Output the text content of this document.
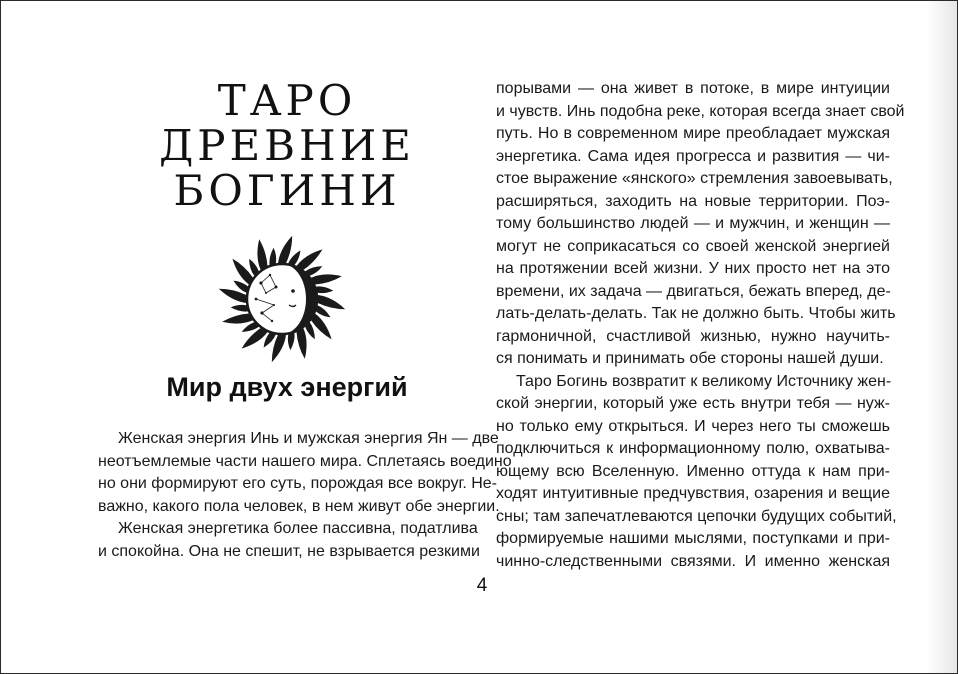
ТАРО
ДРЕВНИЕ
БОГИНИ
Мир двух энергий
Женская энергия Инь и мужская энергия Ян — две
неотъемлемые части нашего мира. Сплетаясь воедино
но они формируют его суть, порождая все вокруг. Не-
важно, какого пола человек, в нем живут обе энергии.
Женская энергетика более пассивна, податлива
и спокойна. Она не спешит, не взрывается резкими
порывами — она живет в потоке, в мире интуиции
и чувств. Инь подобна реке, которая всегда знает свой
путь. Но в современном мире преобладает мужская
энергетика. Сама идея прогресса и развития — чи-
стое выражение «янского» стремления завоевывать,
расширяться, заходить на новые территории. Поэ-
тому большинство людей — и мужчин, и женщин —
могут не соприкасаться со своей женской энергией
на протяжении всей жизни. У них просто нет на это
времени, их задача — двигаться, бежать вперед, де-
лать-делать-делать. Так не должно быть. Чтобы жить
гармоничной, счастливой жизнью, нужно научить-
ся понимать и принимать обе стороны нашей души.
Таро Богинь возвратит к великому Источнику жен-
ской энергии, который уже есть внутри тебя — нуж-
но только ему открыться. И через него ты сможешь
подключиться к информационному полю, охватыва-
ющему всю Вселенную. Именно оттуда к нам при-
ходят интуитивные предчувствия, озарения и вещие
сны; там запечатлеваются цепочки будущих событий,
формируемые нашими мыслями, поступками и при-
чинно-следственными связями. И именно женская
4
